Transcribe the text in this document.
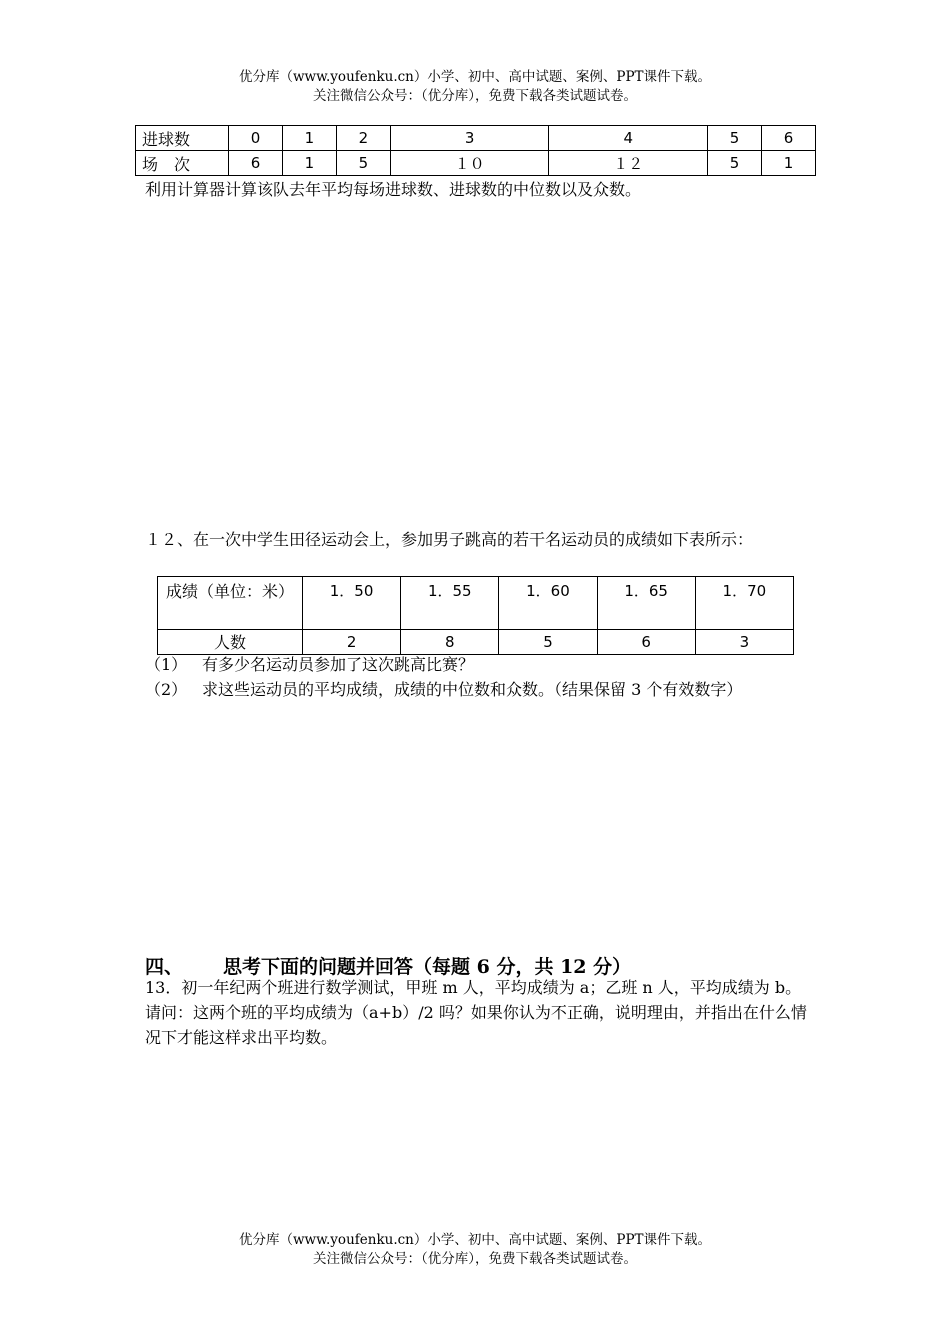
优分库（www.youfenku.cn）小学、初中、高中试题、案例、PPT课件下载。
关注微信公众号：（优分库），免费下载各类试题试卷。
进球数	0	1	2	3	4	5	6
场　次	6	1	5	１０	１２	5	1
利用计算器计算该队去年平均每场进球数、进球数的中位数以及众数。
１２、在一次中学生田径运动会上，参加男子跳高的若干名运动员的成绩如下表所示：
成绩（单位：米）	1．50	1．55	1．60	1．65	1．70
人数	2	8	5	6	3
（1） 有多少名运动员参加了这次跳高比赛？
（2） 求这些运动员的平均成绩，成绩的中位数和众数。（结果保留 3 个有效数字）
四、 思考下面的问题并回答（每题 6 分，共 12 分）
13．初一年纪两个班进行数学测试，甲班 m 人，平均成绩为 a；乙班 n 人，平均成绩为 b。请问：这两个班的平均成绩为（a+b）/2 吗？如果你认为不正确，说明理由，并指出在什么情况下才能这样求出平均数。
优分库（www.youfenku.cn）小学、初中、高中试题、案例、PPT课件下载。
关注微信公众号：（优分库），免费下载各类试题试卷。
